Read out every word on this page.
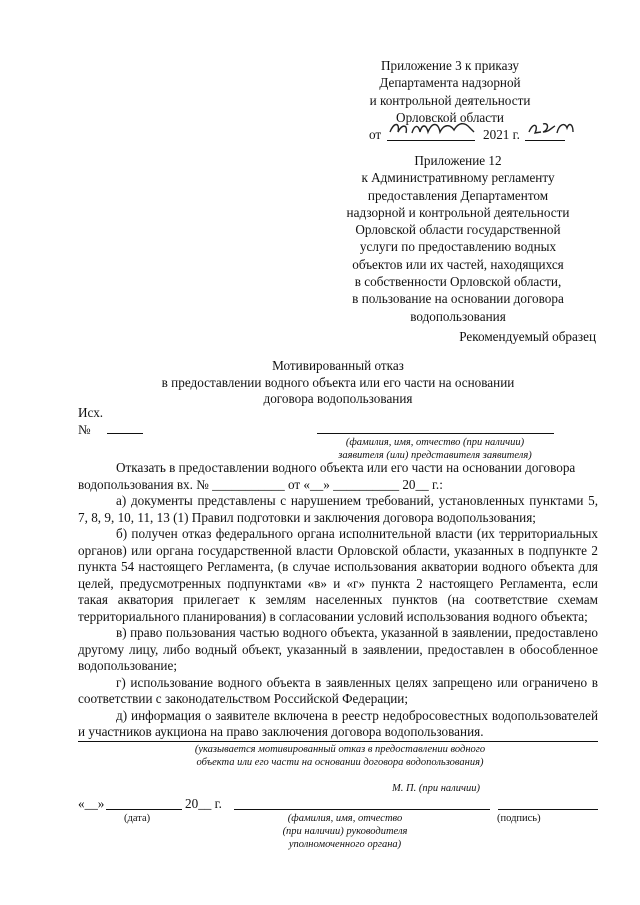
Приложение 3 к приказу
Департамента надзорной
и контрольной деятельности
Орловской области
от	2021 г.
Приложение 12
к Административному регламенту
предоставления Департаментом
надзорной и контрольной деятельности
Орловской области государственной
услуги по предоставлению водных
объектов или их частей, находящихся
в собственности Орловской области,
в пользование на основании договора
водопользования
Рекомендуемый образец
Мотивированный отказ
в предоставлении водного объекта или его части на основании
договора водопользования
Исх.
№
(фамилия, имя, отчество (при наличии)
заявителя (или) представителя заявителя)

Отказать в предоставлении водного объекта или его части на основании договора

водопользования вх. № ___________ от «__» __________ 20__ г.:

а) документы представлены с нарушением требований, установленных пунктами 5, 7, 8, 9, 10, 11, 13 (1) Правил подготовки и заключения договора водопользования;

б) получен отказ федерального органа исполнительной власти (их территориальных органов) или органа государственной власти Орловской области, указанных в подпункте 2 пункта 54 настоящего Регламента, (в случае использования акватории водного объекта для целей, предусмотренных подпунктами «в» и «г» пункта 2 настоящего Регламента, если такая акватория прилегает к землям населенных пунктов (на соответствие схемам территориального планирования) в согласовании условий использования водного объекта;

в) право пользования частью водного объекта, указанной в заявлении, предоставлено другому лицу, либо водный объект, указанный в заявлении, предоставлен в обособленное водопользование;

г) использование водного объекта в заявленных целях запрещено или ограничено в соответствии с законодательством Российской Федерации;

д) информация о заявителе включена в реестр недобросовестных водопользователей и участников аукциона на право заключения договора водопользования.

(указывается мотивированный отказ в предоставлении водного
объекта или его части на основании договора водопользования)
М. П. (при наличии)
«__»	20__ г.
(дата)	(фамилия, имя, отчество
(при наличии) руководителя
уполномоченного органа)
(подпись)
